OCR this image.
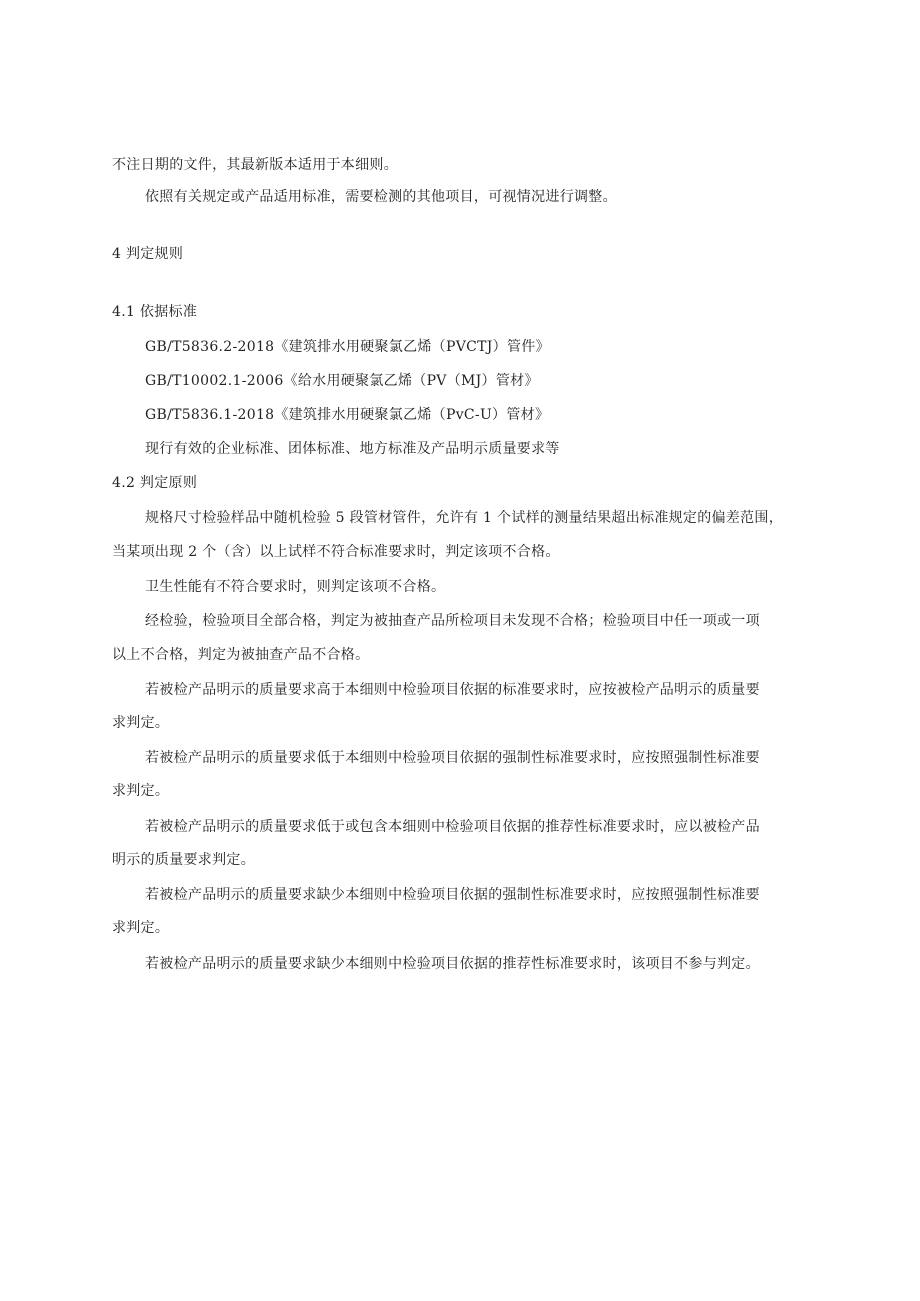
不注日期的文件，其最新版本适用于本细则。
依照有关规定或产品适用标准，需要检测的其他项目，可视情况进行调整。
4 判定规则
4.1 依据标准
GB/T5836.2-2018《建筑排水用硬聚氯乙烯（PVCTJ）管件》
GB/T10002.1-2006《给水用硬聚氯乙烯（PV（MJ）管材》
GB/T5836.1-2018《建筑排水用硬聚氯乙烯（PvC-U）管材》
现行有效的企业标准、团体标准、地方标准及产品明示质量要求等
4.2 判定原则
规格尺寸检验样品中随机检验 5 段管材管件，允许有 1 个试样的测量结果超出标准规定的偏差范围，
当某项出现 2 个（含）以上试样不符合标准要求时，判定该项不合格。
卫生性能有不符合要求时，则判定该项不合格。
经检验，检验项目全部合格，判定为被抽查产品所检项目未发现不合格；检验项目中任一项或一项
以上不合格，判定为被抽查产品不合格。
若被检产品明示的质量要求高于本细则中检验项目依据的标准要求时，应按被检产品明示的质量要
求判定。
若被检产品明示的质量要求低于本细则中检验项目依据的强制性标准要求时，应按照强制性标准要
求判定。
若被检产品明示的质量要求低于或包含本细则中检验项目依据的推荐性标准要求时，应以被检产品
明示的质量要求判定。
若被检产品明示的质量要求缺少本细则中检验项目依据的强制性标准要求时，应按照强制性标准要
求判定。
若被检产品明示的质量要求缺少本细则中检验项目依据的推荐性标准要求时，该项目不参与判定。
